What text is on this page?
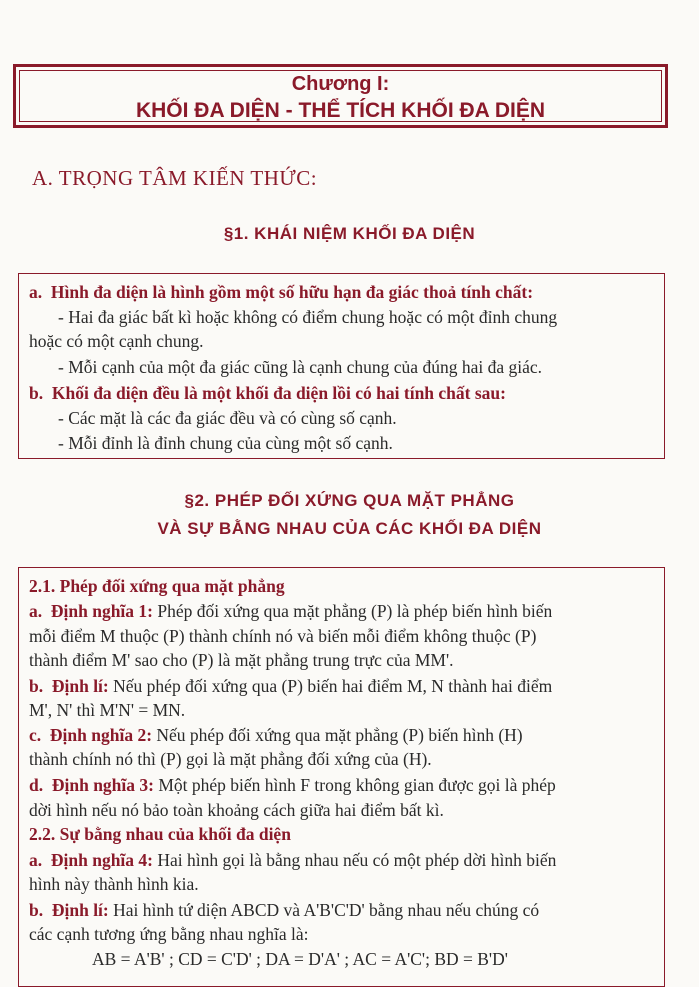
Chương I:
KHỐI ĐA DIỆN - THỂ TÍCH KHỐI ĐA DIỆN
A. TRỌNG TÂM KIẾN THỨC:
§1. KHÁI NIỆM KHỐI ĐA DIỆN
a. Hình đa diện là hình gồm một số hữu hạn đa giác thoả tính chất:
- Hai đa giác bất kì hoặc không có điểm chung hoặc có một đỉnh chung
hoặc có một cạnh chung.
- Mỗi cạnh của một đa giác cũng là cạnh chung của đúng hai đa giác.
b. Khối đa diện đều là một khối đa diện lồi có hai tính chất sau:
- Các mặt là các đa giác đều và có cùng số cạnh.
- Mỗi đỉnh là đỉnh chung của cùng một số cạnh.
§2. PHÉP ĐỐI XỨNG QUA MẶT PHẲNG
VÀ SỰ BẰNG NHAU CỦA CÁC KHỐI ĐA DIỆN
2.1. Phép đối xứng qua mặt phẳng
a. Định nghĩa 1: Phép đối xứng qua mặt phẳng (P) là phép biến hình biến
mỗi điểm M thuộc (P) thành chính nó và biến mỗi điểm không thuộc (P)
thành điểm M' sao cho (P) là mặt phẳng trung trực của MM'.
b. Định lí: Nếu phép đối xứng qua (P) biến hai điểm M, N thành hai điểm
M', N' thì M'N' = MN.
c. Định nghĩa 2: Nếu phép đối xứng qua mặt phẳng (P) biến hình (H)
thành chính nó thì (P) gọi là mặt phẳng đối xứng của (H).
d. Định nghĩa 3: Một phép biến hình F trong không gian được gọi là phép
dời hình nếu nó bảo toàn khoảng cách giữa hai điểm bất kì.
2.2. Sự bằng nhau của khối đa diện
a. Định nghĩa 4: Hai hình gọi là bằng nhau nếu có một phép dời hình biến
hình này thành hình kia.
b. Định lí: Hai hình tứ diện ABCD và A'B'C'D' bằng nhau nếu chúng có
các cạnh tương ứng bằng nhau nghĩa là:
AB = A'B' ; CD = C'D' ; DA = D'A' ; AC = A'C'; BD = B'D'
